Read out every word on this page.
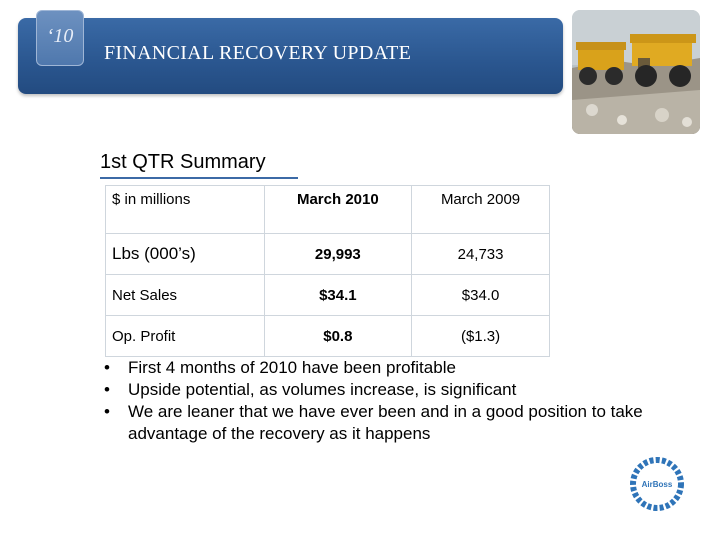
‘10
FINANCIAL RECOVERY UPDATE
1st QTR Summary
$ in millions	March 2010	March 2009
Lbs (000’s)	29,993	24,733
Net Sales	$34.1	$34.0
Op. Profit	$0.8	($1.3)
• First 4 months of 2010 have been profitable
• Upside potential, as volumes increase, is significant
• We are leaner that we have ever been and in a good position to take advantage of the recovery as it happens
AirBoss
